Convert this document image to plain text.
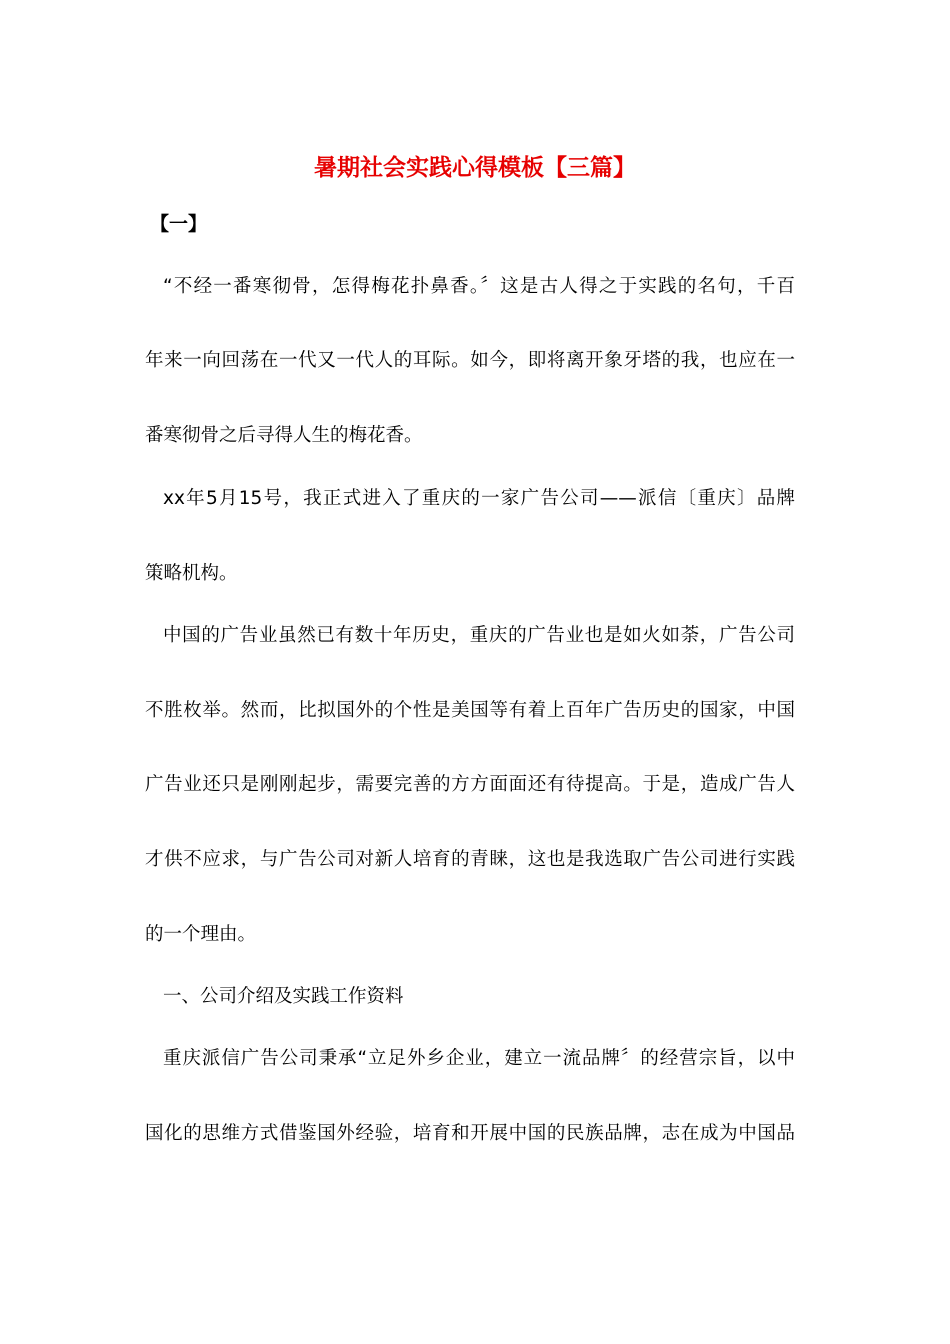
暑期社会实践心得模板【三篇】
【一】
“不经一番寒彻骨，怎得梅花扑鼻香。〞这是古人得之于实践的名句，千百
年来一向回荡在一代又一代人的耳际。如今，即将离开象牙塔的我，也应在一
番寒彻骨之后寻得人生的梅花香。
xx年5月15号，我正式进入了重庆的一家广告公司——派信〔重庆〕品牌
策略机构。
中国的广告业虽然已有数十年历史，重庆的广告业也是如火如荼，广告公司
不胜枚举。然而，比拟国外的个性是美国等有着上百年广告历史的国家，中国
广告业还只是刚刚起步，需要完善的方方面面还有待提高。于是，造成广告人
才供不应求，与广告公司对新人培育的青睐，这也是我选取广告公司进行实践
的一个理由。
一、公司介绍及实践工作资料
重庆派信广告公司秉承“立足外乡企业，建立一流品牌〞的经营宗旨，以中
国化的思维方式借鉴国外经验，培育和开展中国的民族品牌，志在成为中国品
